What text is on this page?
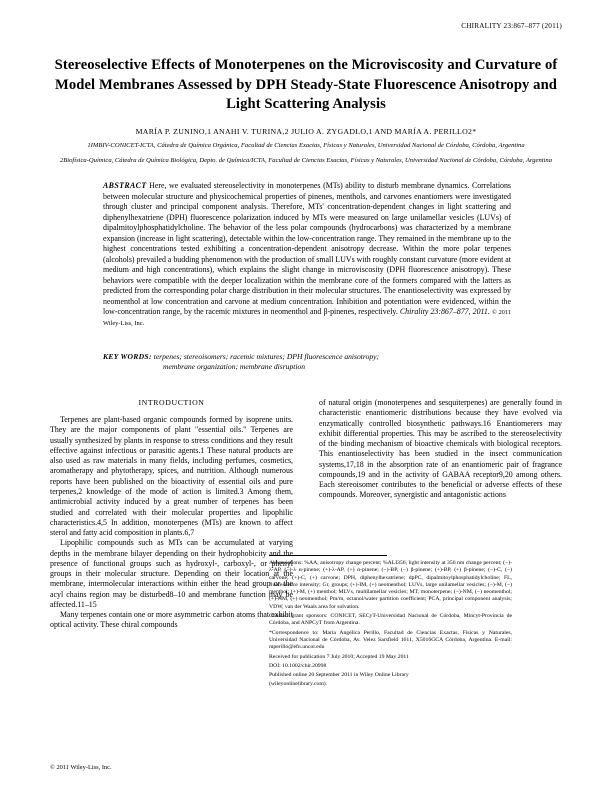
CHIRALITY 23:867–877 (2011)
Stereoselective Effects of Monoterpenes on the Microviscosity and Curvature of Model Membranes Assessed by DPH Steady-State Fluorescence Anisotropy and Light Scattering Analysis
MARÍA P. ZUNINO,1 ANAHI V. TURINA,2 JULIO A. ZYGADLO,1 AND MARÍA A. PERILLO2*
1IMBIV-CONICET-ICTA, Cátedra de Química Orgánica, Facultad de Ciencias Exactas, Físicas y Naturales, Universidad Nacional de Córdoba, Córdoba, Argentina
2Biofísica-Química, Cátedra de Química Biológica, Depto. de Química/ICTA, Facultad de Ciencias Exactas, Físicas y Naturales, Universidad Nacional de Córdoba, Córdoba, Argentina
ABSTRACT Here, we evaluated stereoselectivity in monoterpenes (MTs) ability to disturb membrane dynamics. Correlations between molecular structure and physicochemical properties of pinenes, menthols, and carvones enantiomers were investigated through cluster and principal component analysis. Therefore, MTs' concentration-dependent changes in light scattering and diphenylhexatriene (DPH) fluorescence polarization induced by MTs were measured on large unilamellar vesicles (LUVs) of dipalmitoylphosphatidylcholine. The behavior of the less polar compounds (hydrocarbons) was characterized by a membrane expansion (increase in light scattering), detectable within the low-concentration range. They remained in the membrane up to the highest concentrations tested exhibiting a concentration-dependent anisotropy decrease. Within the more polar terpenes (alcohols) prevailed a budding phenomenon with the production of small LUVs with roughly constant curvature (more evident at medium and high concentrations), which explains the slight change in microviscosity (DPH fluorescence anisotropy). These behaviors were compatible with the deeper localization within the membrane core of the formers compared with the latters as predicted from the corresponding polar charge distribution in their molecular structures. The enantioselectivity was expressed by neomenthol at low concentration and carvone at medium concentration. Inhibition and potentiation were evidenced, within the low-concentration range, by the racemic mixtures in neomenthol and β-pinenes, respectively. Chirality 23:867–877, 2011. © 2011 Wiley-Liss, Inc.
KEY WORDS: terpenes; stereoisomers; racemic mixtures; DPH fluorescence anisotropy;
membrane organization; membrane disruption
INTRODUCTION

Terpenes are plant-based organic compounds formed by isoprene units. They are the major components of plant "essential oils." Terpenes are usually synthesized by plants in response to stress conditions and they result effective against infectious or parasitic agents.1 These natural products are also used as raw materials in many fields, including perfumes, cosmetics, aromatherapy and phytotherapy, spices, and nutrition. Although numerous reports have been published on the bioactivity of essential oils and pure terpenes,2 knowledge of the mode of action is limited.3 Among them, antimicrobial activity induced by a great number of terpenes has been studied and correlated with their molecular properties and lipophilic characteristics.4,5 In addition, monoterpenes (MTs) are known to affect sterol and fatty acid composition in plants.6,7

Lipophilic compounds such as MTs can be accumulated at varying depths in the membrane bilayer depending on their hydrophobicity and the presence of functional groups such as hydroxyl-, carboxyl-, or phenyl groups in their molecular structure. Depending on their location at the membrane, intermolecular interactions within either the head group or the acyl chains region may be disturbed8–10 and membrane function may be affected.11–15

Many terpenes contain one or more asymmetric carbon atoms that exhibit optical activity. These chiral compounds

of natural origin (monoterpenes and sesquiterpenes) are generally found in characteristic enantiomeric distributions because they have evolved via enzymatically controlled biosynthetic pathways.16 Enantiomerers may exhibit differential properties. This may be ascribed to the stereoselectivity of the binding mechanism of bioactive chemicals with biological receptors. This enantioselectivity has been studied in the insect communication systems,17,18 in the absorption rate of an enantiomeric pair of fragrance compounds,19 and in the activity of GABAA receptor9,20 among others. Each stereoisomer contributes to the beneficial or adverse effects of these compounds. Moreover, synergistic and antagonistic actions

Abbreviations: %AA, anisotropy change percent; %ALI356, light intensity at 356 nm change percent; (−)-λ-AP, (−)-λ α-pinene; (+)-λ-AP, (+) α-pinene; (−)-BP, (−) β-pinene; (+)-BP, (+) β-pinene; (−)-C, (−) carvone; (+)-C, (+) carvone; DPH, diphenylhexatriene; dpPC, dipalmitoylphosphatidylcholine; FL, fluorescence intensity; Gr, groups; (+)-IM, (+) neomenthol; LUVs, large unilamellar vesicles; (−)-M, (−) menthol; (+)-M, (+) menthol; MLVs, multilamellar vesicles; MT, monoterpene; (−)-NM, (−) neomenthol; (+)-NM, (+) neomenthol; Pm/m, octanol/water partition coefficient; PCA, principal component analysis; VDW, van der Waals area for solvation.

Contract grant sponsors: CONICET, SECyT-Universidad Nacional de Córdoba, Mincyt-Provincia de Córdoba, and ANPCyT from Argentina.

*Correspondence to: María Angélica Perillo, Facultad de Ciencias Exactas, Físicas y Naturales, Universidad Nacional de Córdoba, Av. Velez Sarsfield 1611, X5016GCA Córdoba, Argentina. E-mail: mperillo@efn.uncor.edu

Received for publication 7 July 2010; Accepted 19 May 2011

DOI: 10.1002/chir.20998

Published online 20 September 2011 in Wiley Online Library

(wileyonlinelibrary.com).

© 2011 Wiley-Liss, Inc.
